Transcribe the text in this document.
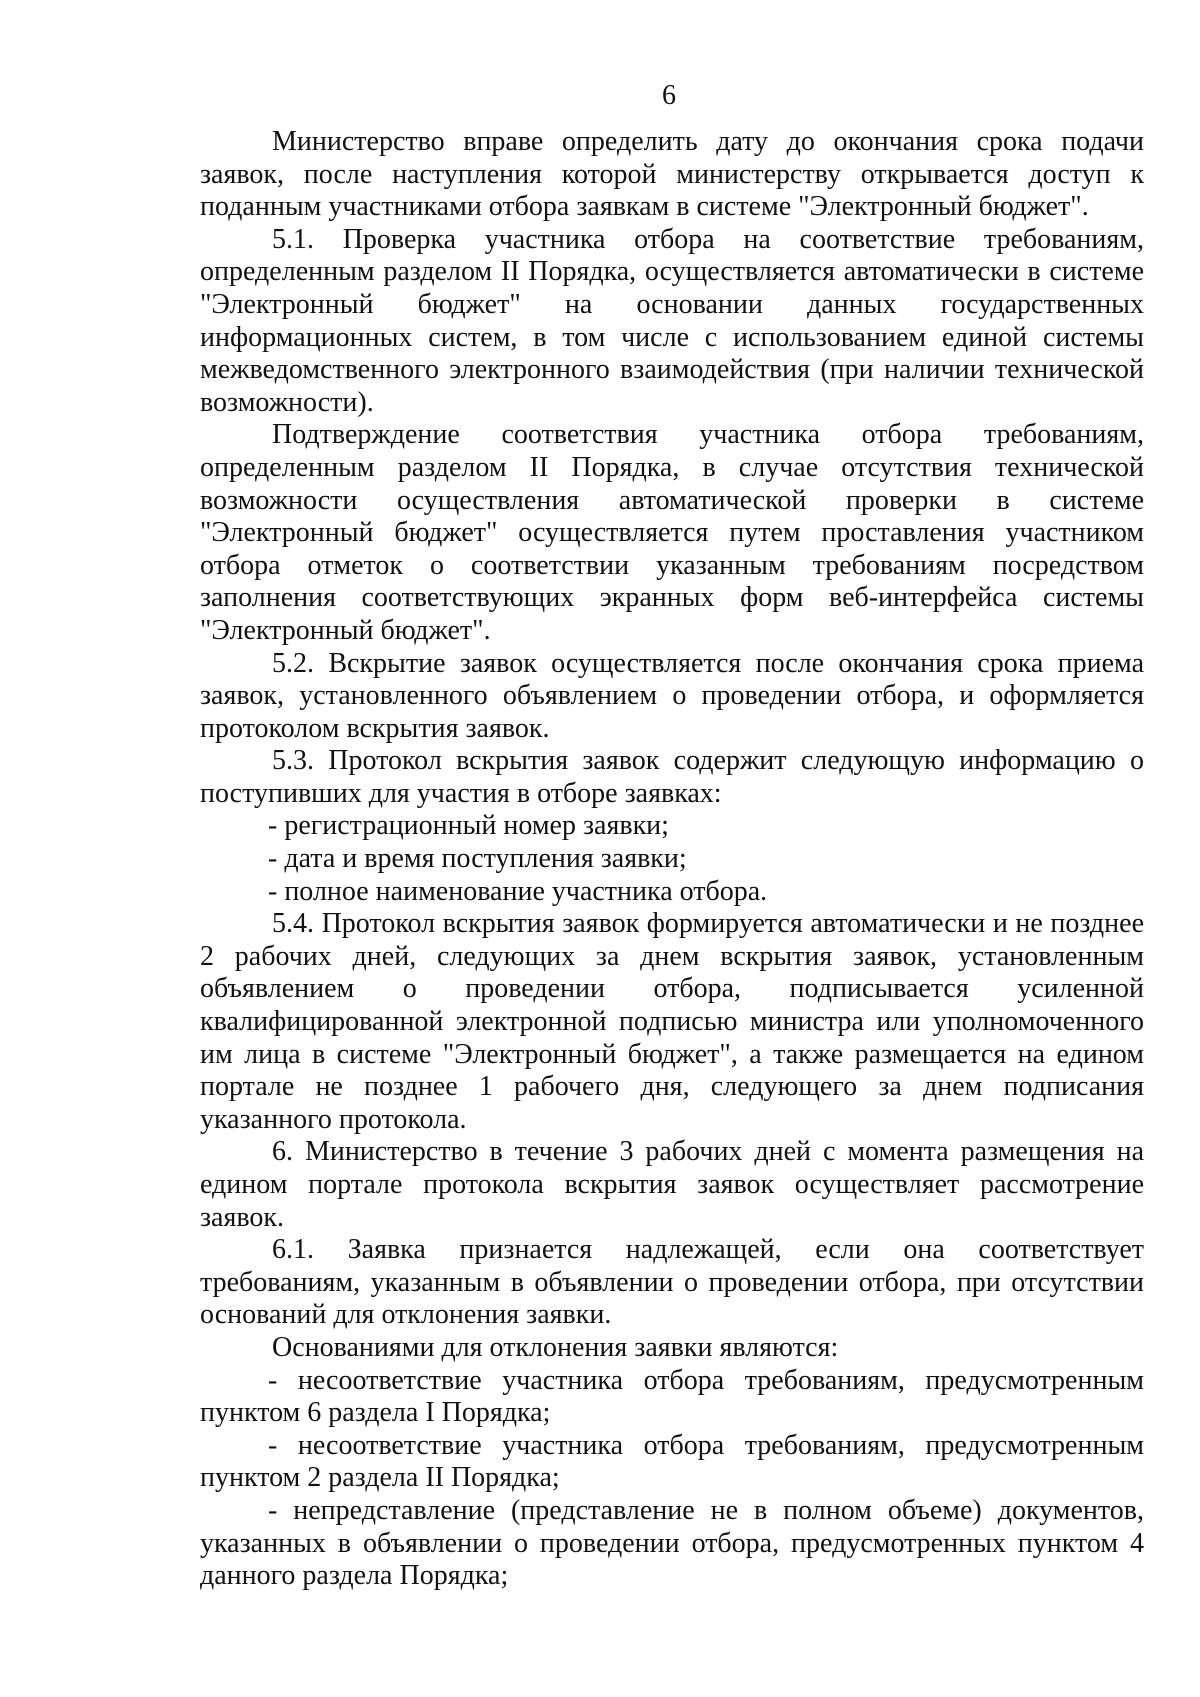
6

Министерство вправе определить дату до окончания срока подачи заявок, после наступления которой министерству открывается доступ к поданным участниками отбора заявкам в системе "Электронный бюджет".

5.1. Проверка участника отбора на соответствие требованиям, определенным разделом II Порядка, осуществляется автоматически в системе "Электронный бюджет" на основании данных государственных информационных систем, в том числе с использованием единой системы межведомственного электронного взаимодействия (при наличии технической возможности).

Подтверждение соответствия участника отбора требованиям, определенным разделом II Порядка, в случае отсутствия технической возможности осуществления автоматической проверки в системе "Электронный бюджет" осуществляется путем проставления участником отбора отметок о соответствии указанным требованиям посредством заполнения соответствующих экранных форм веб-интерфейса системы "Электронный бюджет".

5.2. Вскрытие заявок осуществляется после окончания срока приема заявок, установленного объявлением о проведении отбора, и оформляется протоколом вскрытия заявок.

5.3. Протокол вскрытия заявок содержит следующую информацию о поступивших для участия в отборе заявках:

- регистрационный номер заявки;

- дата и время поступления заявки;

- полное наименование участника отбора.

5.4. Протокол вскрытия заявок формируется автоматически и не позднее 2 рабочих дней, следующих за днем вскрытия заявок, установленным объявлением о проведении отбора, подписывается усиленной квалифицированной электронной подписью министра или уполномоченного им лица в системе "Электронный бюджет", а также размещается на едином портале не позднее 1 рабочего дня, следующего за днем подписания указанного протокола.

6. Министерство в течение 3 рабочих дней с момента размещения на едином портале протокола вскрытия заявок осуществляет рассмотрение заявок.

6.1. Заявка признается надлежащей, если она соответствует требованиям, указанным в объявлении о проведении отбора, при отсутствии оснований для отклонения заявки.

Основаниями для отклонения заявки являются:

- несоответствие участника отбора требованиям, предусмотренным пунктом 6 раздела I Порядка;

- несоответствие участника отбора требованиям, предусмотренным пунктом 2 раздела II Порядка;

- непредставление (представление не в полном объеме) документов, указанных в объявлении о проведении отбора, предусмотренных пунктом 4 данного раздела Порядка;
